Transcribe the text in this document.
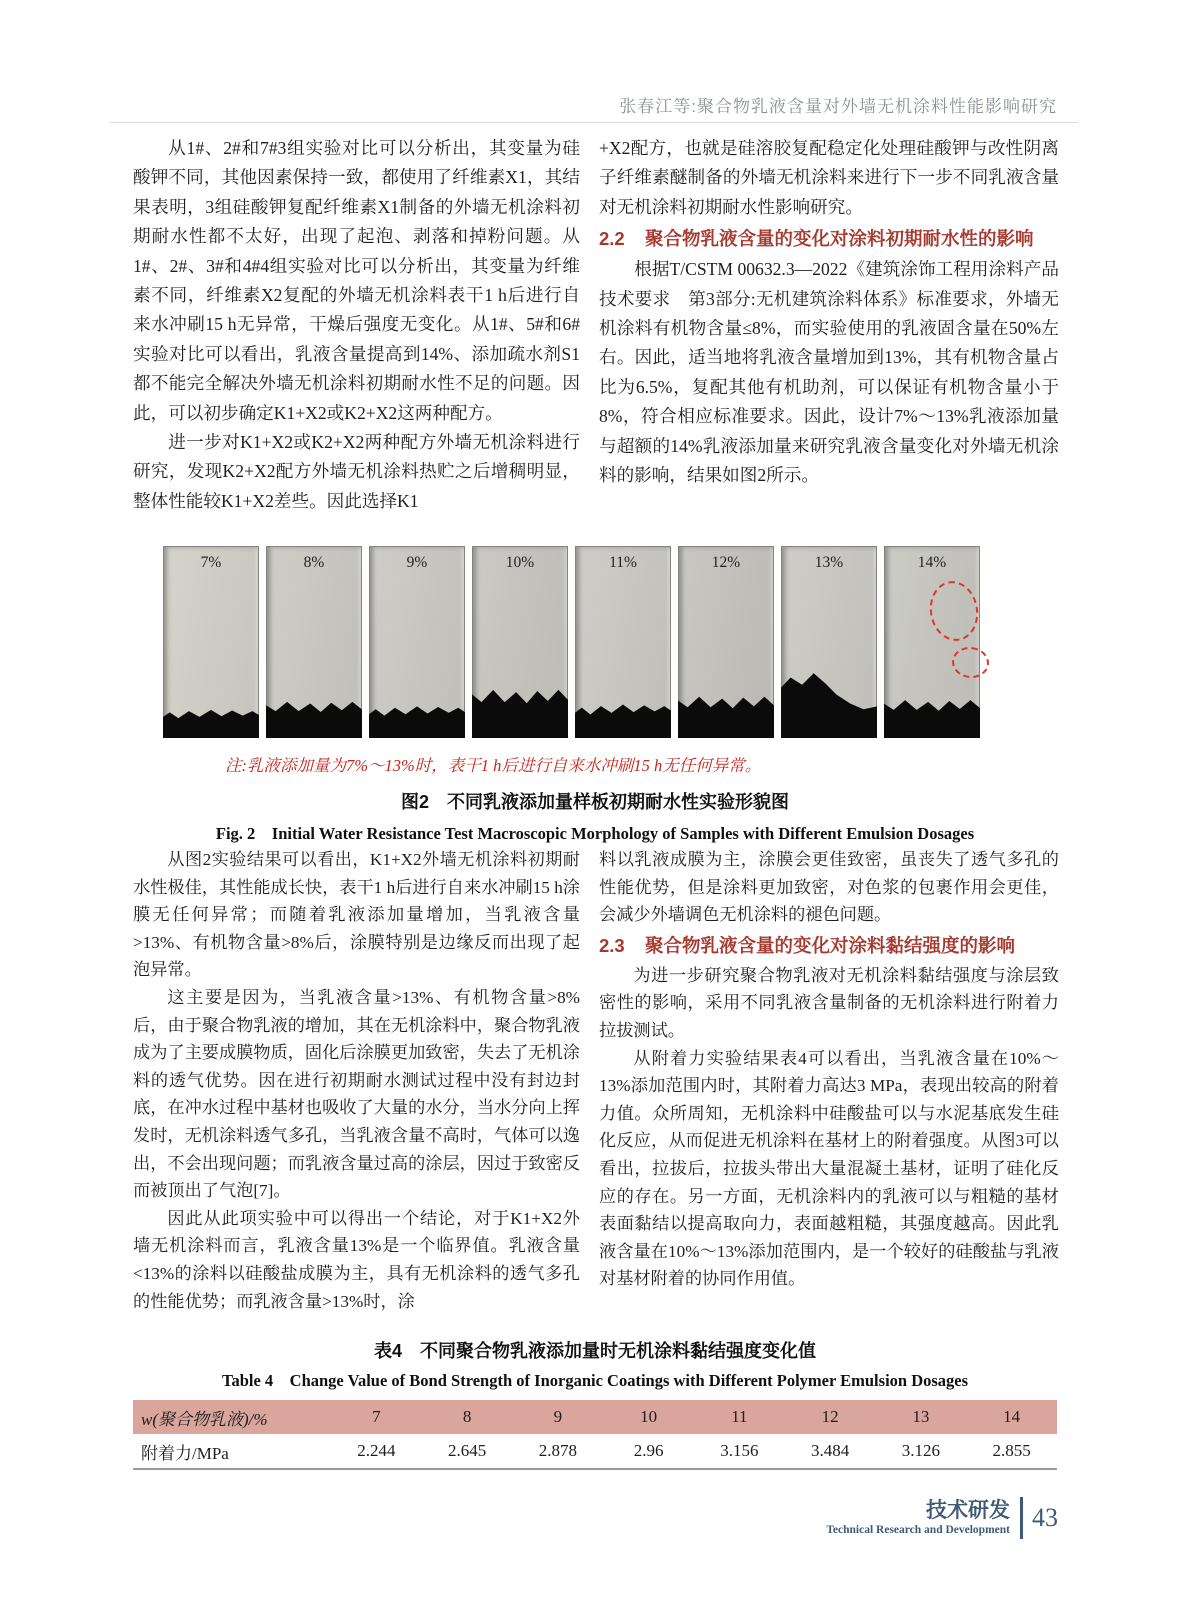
张春江等:聚合物乳液含量对外墙无机涂料性能影响研究

从1#、2#和7#3组实验对比可以分析出，其变量为硅酸钾不同，其他因素保持一致，都使用了纤维素X1，其结果表明，3组硅酸钾复配纤维素X1制备的外墙无机涂料初期耐水性都不太好，出现了起泡、剥落和掉粉问题。从1#、2#、3#和4#4组实验对比可以分析出，其变量为纤维素不同，纤维素X2复配的外墙无机涂料表干1 h后进行自来水冲刷15 h无异常，干燥后强度无变化。从1#、5#和6#实验对比可以看出，乳液含量提高到14%、添加疏水剂S1都不能完全解决外墙无机涂料初期耐水性不足的问题。因此，可以初步确定K1+X2或K2+X2这两种配方。

进一步对K1+X2或K2+X2两种配方外墙无机涂料进行研究，发现K2+X2配方外墙无机涂料热贮之后增稠明显，整体性能较K1+X2差些。因此选择K1

+X2配方，也就是硅溶胶复配稳定化处理硅酸钾与改性阴离子纤维素醚制备的外墙无机涂料来进行下一步不同乳液含量对无机涂料初期耐水性影响研究。

2.2	聚合物乳液含量的变化对涂料初期耐水性的影响

根据T/CSTM 00632.3—2022《建筑涂饰工程用涂料产品技术要求　第3部分:无机建筑涂料体系》标准要求，外墙无机涂料有机物含量≤8%，而实验使用的乳液固含量在50%左右。因此，适当地将乳液含量增加到13%，其有机物含量占比为6.5%，复配其他有机助剂，可以保证有机物含量小于8%，符合相应标准要求。因此，设计7%～13%乳液添加量与超额的14%乳液添加量来研究乳液含量变化对外墙无机涂料的影响，结果如图2所示。

7%	8%	9%	10%	11%	12%	13%	14%
注:乳液添加量为7%～13%时，表干1 h后进行自来水冲刷15 h无任何异常。
图2　不同乳液添加量样板初期耐水性实验形貌图
Fig. 2　Initial Water Resistance Test Macroscopic Morphology of Samples with Different Emulsion Dosages

从图2实验结果可以看出，K1+X2外墙无机涂料初期耐水性极佳，其性能成长快，表干1 h后进行自来水冲刷15 h涂膜无任何异常；而随着乳液添加量增加，当乳液含量>13%、有机物含量>8%后，涂膜特别是边缘反而出现了起泡异常。

这主要是因为，当乳液含量>13%、有机物含量>8%后，由于聚合物乳液的增加，其在无机涂料中，聚合物乳液成为了主要成膜物质，固化后涂膜更加致密，失去了无机涂料的透气优势。因在进行初期耐水测试过程中没有封边封底，在冲水过程中基材也吸收了大量的水分，当水分向上挥发时，无机涂料透气多孔，当乳液含量不高时，气体可以逸出，不会出现问题；而乳液含量过高的涂层，因过于致密反而被顶出了气泡[7]。

因此从此项实验中可以得出一个结论，对于K1+X2外墙无机涂料而言，乳液含量13%是一个临界值。乳液含量<13%的涂料以硅酸盐成膜为主，具有无机涂料的透气多孔的性能优势；而乳液含量>13%时，涂

料以乳液成膜为主，涂膜会更佳致密，虽丧失了透气多孔的性能优势，但是涂料更加致密，对色浆的包裹作用会更佳，会减少外墙调色无机涂料的褪色问题。

2.3	聚合物乳液含量的变化对涂料黏结强度的影响

为进一步研究聚合物乳液对无机涂料黏结强度与涂层致密性的影响，采用不同乳液含量制备的无机涂料进行附着力拉拔测试。

从附着力实验结果表4可以看出，当乳液含量在10%～13%添加范围内时，其附着力高达3 MPa，表现出较高的附着力值。众所周知，无机涂料中硅酸盐可以与水泥基底发生硅化反应，从而促进无机涂料在基材上的附着强度。从图3可以看出，拉拔后，拉拔头带出大量混凝土基材，证明了硅化反应的存在。另一方面，无机涂料内的乳液可以与粗糙的基材表面黏结以提高取向力，表面越粗糙，其强度越高。因此乳液含量在10%～13%添加范围内，是一个较好的硅酸盐与乳液对基材附着的协同作用值。

表4　不同聚合物乳液添加量时无机涂料黏结强度变化值
Table 4　Change Value of Bond Strength of Inorganic Coatings with Different Polymer Emulsion Dosages
w(聚合物乳液)/%	7	8	9	10	11	12	13	14
附着力/MPa	2.244	2.645	2.878	2.96	3.156	3.484	3.126	2.855
技术研发
Technical Research and Development 43
